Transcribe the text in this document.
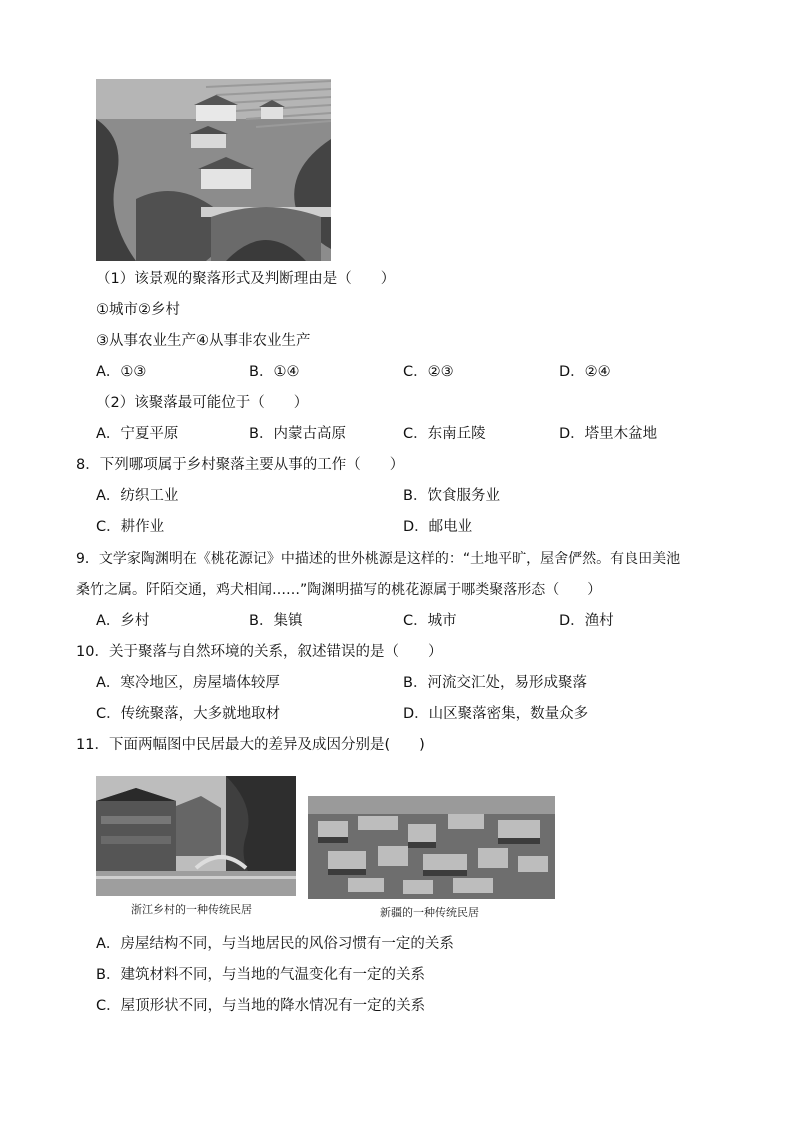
（1）该景观的聚落形式及判断理由是（　　）
①城市②乡村
③从事农业生产④从事非农业生产
A．①③	B．①④	C．②③	D．②④
（2）该聚落最可能位于（　　）
A．宁夏平原	B．内蒙古高原	C．东南丘陵	D．塔里木盆地
8．下列哪项属于乡村聚落主要从事的工作（　　）
A．纺织工业	B．饮食服务业
C．耕作业	D．邮电业
9．文学家陶渊明在《桃花源记》中描述的世外桃源是这样的：“土地平旷，屋舍俨然。有良田美池
桑竹之属。阡陌交通，鸡犬相闻……”陶渊明描写的桃花源属于哪类聚落形态（　　）
A．乡村	B．集镇	C．城市	D．渔村
10．关于聚落与自然环境的关系，叙述错误的是（　　）
A．寒冷地区，房屋墙体较厚	B．河流交汇处，易形成聚落
C．传统聚落，大多就地取材	D．山区聚落密集，数量众多
11．下面两幅图中民居最大的差异及成因分别是(　　)
浙江乡村的一种传统民居	新疆的一种传统民居
A．房屋结构不同，与当地居民的风俗习惯有一定的关系
B．建筑材料不同，与当地的气温变化有一定的关系
C．屋顶形状不同，与当地的降水情况有一定的关系
